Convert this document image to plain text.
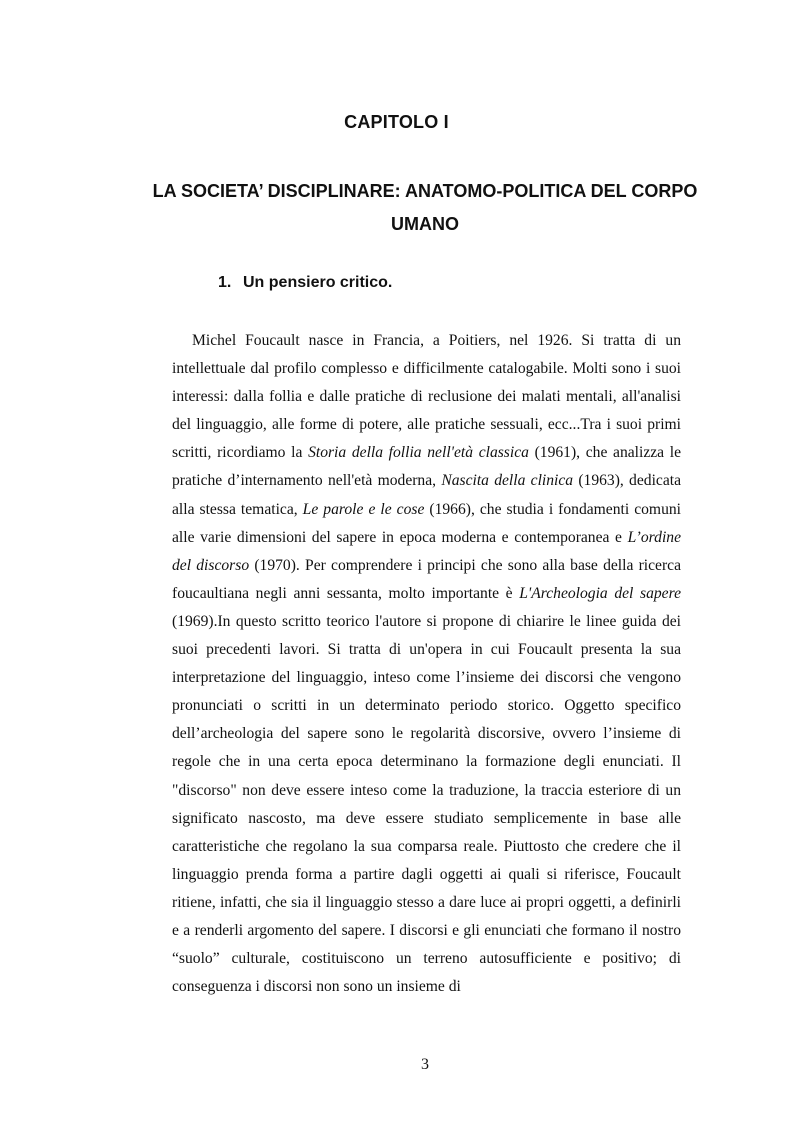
CAPITOLO I
LA SOCIETA’ DISCIPLINARE: ANATOMO-POLITICA DEL CORPO UMANO
1. Un pensiero critico.

Michel Foucault nasce in Francia, a Poitiers, nel 1926. Si tratta di un intellettuale dal profilo complesso e difficilmente catalogabile. Molti sono i suoi interessi: dalla follia e dalle pratiche di reclusione dei malati mentali, all'analisi del linguaggio, alle forme di potere, alle pratiche sessuali, ecc...Tra i suoi primi scritti, ricordiamo la Storia della follia nell'età classica (1961), che analizza le pratiche d’internamento nell'età moderna, Nascita della clinica (1963), dedicata alla stessa tematica, Le parole e le cose (1966), che studia i fondamenti comuni alle varie dimensioni del sapere in epoca moderna e contemporanea e L’ordine del discorso (1970). Per comprendere i principi che sono alla base della ricerca foucaultiana negli anni sessanta, molto importante è L'Archeologia del sapere (1969).In questo scritto teorico l'autore si propone di chiarire le linee guida dei suoi precedenti lavori. Si tratta di un'opera in cui Foucault presenta la sua interpretazione del linguaggio, inteso come l’insieme dei discorsi che vengono pronunciati o scritti in un determinato periodo storico. Oggetto specifico dell’archeologia del sapere sono le regolarità discorsive, ovvero l’insieme di regole che in una certa epoca determinano la formazione degli enunciati. Il "discorso" non deve essere inteso come la traduzione, la traccia esteriore di un significato nascosto, ma deve essere studiato semplicemente in base alle caratteristiche che regolano la sua comparsa reale. Piuttosto che credere che il linguaggio prenda forma a partire dagli oggetti ai quali si riferisce, Foucault ritiene, infatti, che sia il linguaggio stesso a dare luce ai propri oggetti, a definirli e a renderli argomento del sapere. I discorsi e gli enunciati che formano il nostro “suolo” culturale, costituiscono un terreno autosufficiente e positivo; di conseguenza i discorsi non sono un insieme di

3
